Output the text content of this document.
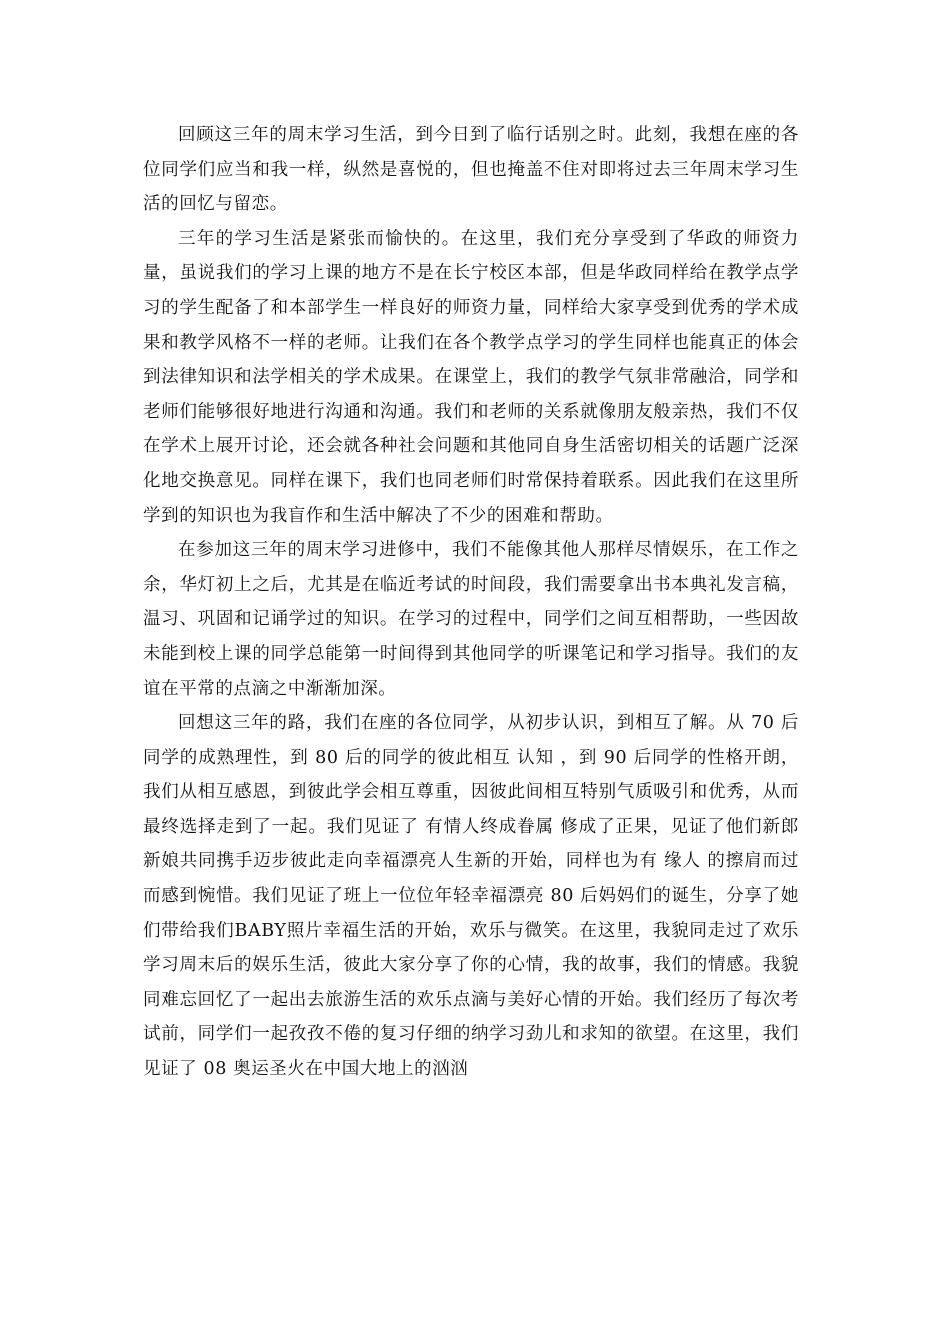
回顾这三年的周末学习生活，到今日到了临行话别之时。此刻，我想在座的各位同学们应当和我一样，纵然是喜悦的，但也掩盖不住对即将过去三年周末学习生活的回忆与留恋。

三年的学习生活是紧张而愉快的。在这里，我们充分享受到了华政的师资力量，虽说我们的学习上课的地方不是在长宁校区本部，但是华政同样给在教学点学习的学生配备了和本部学生一样良好的师资力量，同样给大家享受到优秀的学术成果和教学风格不一样的老师。让我们在各个教学点学习的学生同样也能真正的体会到法律知识和法学相关的学术成果。在课堂上，我们的教学气氛非常融洽，同学和老师们能够很好地进行沟通和沟通。我们和老师的关系就像朋友般亲热，我们不仅在学术上展开讨论，还会就各种社会问题和其他同自身生活密切相关的话题广泛深化地交换意见。同样在课下，我们也同老师们时常保持着联系。因此我们在这里所学到的知识也为我盲作和生活中解决了不少的困难和帮助。

在参加这三年的周末学习进修中，我们不能像其他人那样尽情娱乐，在工作之余，华灯初上之后，尤其是在临近考试的时间段，我们需要拿出书本典礼发言稿，温习、巩固和记诵学过的知识。在学习的过程中，同学们之间互相帮助，一些因故未能到校上课的同学总能第一时间得到其他同学的听课笔记和学习指导。我们的友谊在平常的点滴之中渐渐加深。

回想这三年的路，我们在座的各位同学，从初步认识，到相互了解。从 70 后同学的成熟理性，到 80 后的同学的彼此相互 认知 ，到 90 后同学的性格开朗，我们从相互感恩，到彼此学会相互尊重，因彼此间相互特别气质吸引和优秀，从而最终选择走到了一起。我们见证了 有情人终成眷属 修成了正果，见证了他们新郎新娘共同携手迈步彼此走向幸福漂亮人生新的开始，同样也为有 缘人 的擦肩而过而感到惋惜。我们见证了班上一位位年轻幸福漂亮 80 后妈妈们的诞生，分享了她们带给我们BABY照片幸福生活的开始，欢乐与微笑。在这里，我貌同走过了欢乐学习周末后的娱乐生活，彼此大家分享了你的心情，我的故事，我们的情感。我貌同难忘回忆了一起出去旅游生活的欢乐点滴与美好心情的开始。我们经历了每次考试前，同学们一起孜孜不倦的复习仔细的纳学习劲儿和求知的欲望。在这里，我们见证了 08 奥运圣火在中国大地上的汹汹
